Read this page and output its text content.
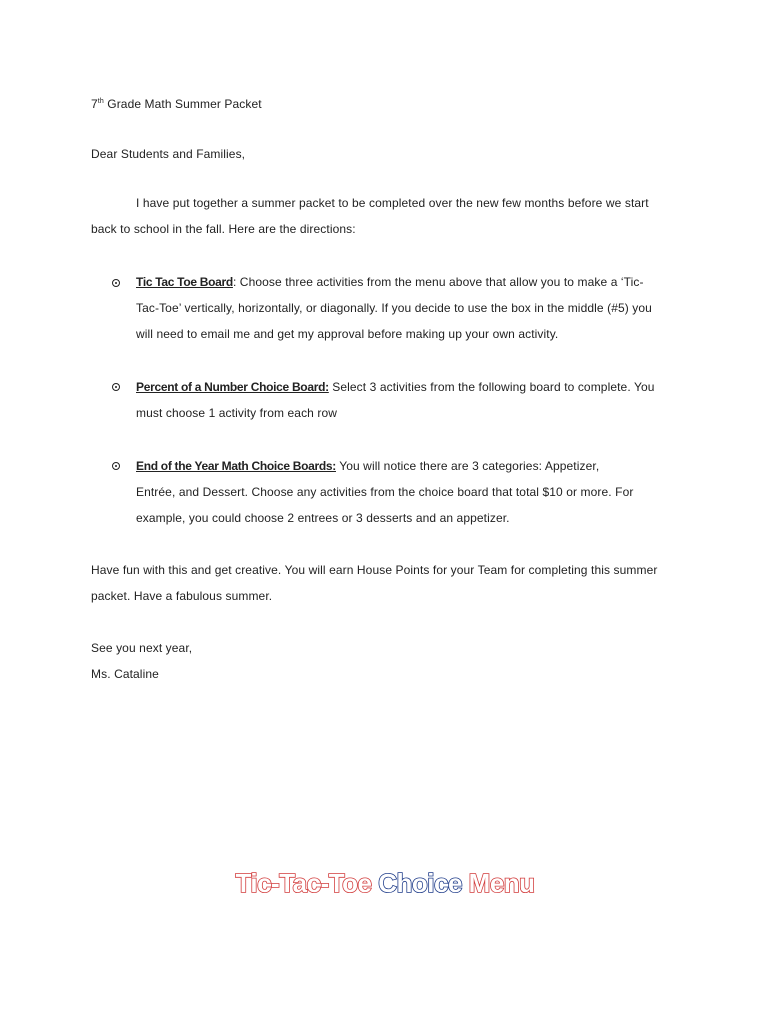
7th Grade Math Summer Packet
Dear Students and Families,
I have put together a summer packet to be completed over the new few months before we start
back to school in the fall. Here are the directions:
Tic Tac Toe Board: Choose three activities from the menu above that allow you to make a ‘Tic-
Tac-Toe’ vertically, horizontally, or diagonally. If you decide to use the box in the middle (#5) you
will need to email me and get my approval before making up your own activity.
Percent of a Number Choice Board: Select 3 activities from the following board to complete. You
must choose 1 activity from each row
End of the Year Math Choice Boards: You will notice there are 3 categories: Appetizer,
Entrée, and Dessert. Choose any activities from the choice board that total $10 or more. For
example, you could choose 2 entrees or 3 desserts and an appetizer.
Have fun with this and get creative. You will earn House Points for your Team for completing this summer
packet. Have a fabulous summer.
See you next year,
Ms. Cataline
Tic-Tac-Toe Choice Menu
